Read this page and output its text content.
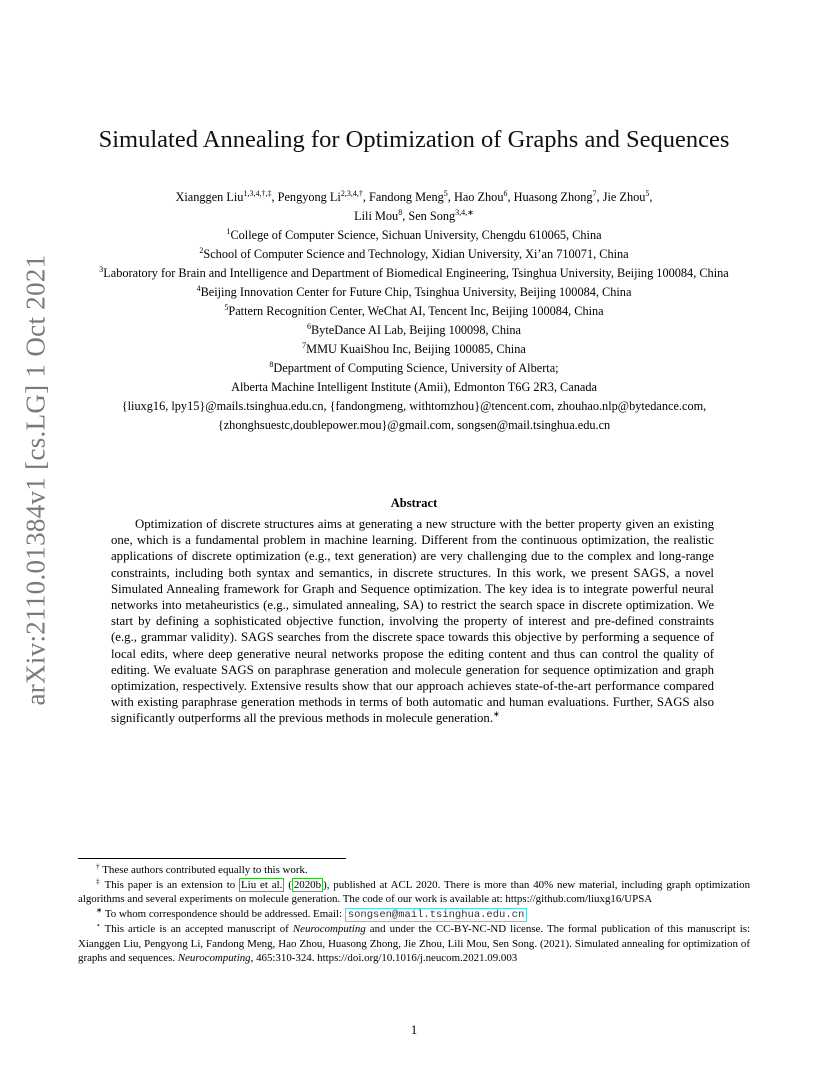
arXiv:2110.01384v1 [cs.LG] 1 Oct 2021
Simulated Annealing for Optimization of Graphs and Sequences
Xianggen Liu$^{1,3,4,\dagger,\ddagger}$, Pengyong $Li^{2,3,4,\dagger}$, Fandong Meng$^5$, Hao Zhou$^6$, Huasong Zhong$^7$, Jie Zhou$^5$,
Lili Mou$^8$, Sen Song$^{3,4,∗}$
$^1$College of Computer Science, Sichuan University, Chengdu 610065, China
$^2$School of Computer Science and Technology, Xidian University, Xi’an 710071, China
$^3$Laboratory for Brain and Intelligence and Department of Biomedical Engineering, Tsinghua University, Beijing 100084, China
$^4$Beijing Innovation Center for Future Chip, Tsinghua University, Beijing 100084, China
$^5$Pattern Recognition Center, WeChat AI, Tencent Inc, Beijing 100084, China
$^6$ByteDance AI Lab, Beijing 100098, China
$^7$MMU KuaiShou Inc, Beijing 100085, China
$^8$Department of Computing Science, University of Alberta;
Alberta Machine Intelligent Institute (Amii), Edmonton T6G 2R3, Canada
{liuxg16, lpy15}@mails.tsinghua.edu.cn, {fandongmeng, withtomzhou}@tencent.com, zhouhao.nlp@bytedance.com,
{zhonghsuestc,doublepower.mou}@gmail.com, songsen@mail.tsinghua.edu.cn
Abstract

Optimization of discrete structures aims at generating a new structure with the better property given an existing one, which is a fundamental problem in machine learning. Different from the continuous optimization, the realistic applications of discrete optimization (e.g., text generation) are very challenging due to the complex and long-range constraints, including both syntax and semantics, in discrete structures. In this work, we present SAGS, a novel Simulated Annealing framework for Graph and Sequence optimization. The key idea is to integrate powerful neural networks into metaheuristics (e.g., simulated annealing, SA) to restrict the search space in discrete optimization. We start by defining a sophisticated objective function, involving the property of interest and pre-defined constraints (e.g., grammar validity). SAGS searches from the discrete space towards this objective by performing a sequence of local edits, where deep generative neural networks propose the editing content and thus can control the quality of editing. We evaluate SAGS on paraphrase generation and molecule generation for sequence optimization and graph optimization, respectively. Extensive results show that our approach achieves state-of-the-art performance compared with existing paraphrase generation methods in terms of both automatic and human evaluations. Further, SAGS also significantly outperforms all the previous methods in molecule generation.∗

† These authors contributed equally to this work.

‡ This paper is an extension to Liu et al. ( 2020b ), published at ACL 2020. There is more than 40% new material, including graph optimization algorithms and several experiments on molecule generation. The code of our work is available at: https://github.com/liuxg16/UPSA

∗ To whom correspondence should be addressed. Email: songsen@mail.tsinghua.edu.cn

⋆ This article is an accepted manuscript of Neurocomputing and under the CC-BY-NC-ND license. The formal publication of this manuscript is: Xianggen Liu, Pengyong Li, Fandong Meng, Hao Zhou, Huasong Zhong, Jie Zhou, Lili Mou, Sen Song. (2021). Simulated annealing for optimization of graphs and sequences. Neurocomputing, 465:310-324. https://doi.org/10.1016/j.neucom.2021.09.003

1
